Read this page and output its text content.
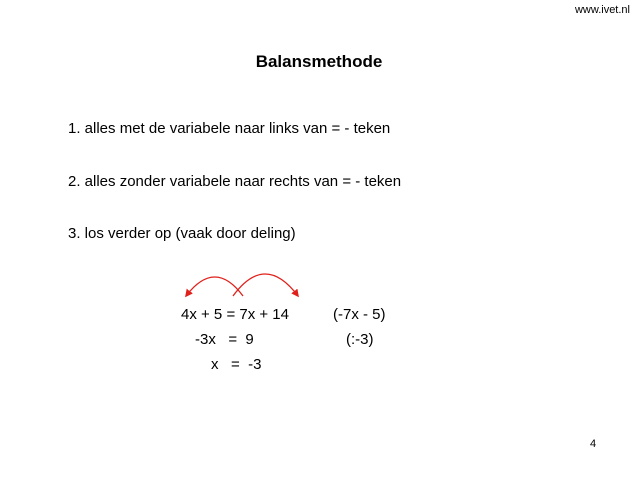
www.ivet.nl
Balansmethode
1. alles met de variabele naar links van = - teken
2. alles zonder variabele naar rechts van = - teken
3. los verder op (vaak door deling)
4x + 5 = 7x + 14	(-7x - 5)
-3x   =  9	(:-3)
x   =  -3
4
